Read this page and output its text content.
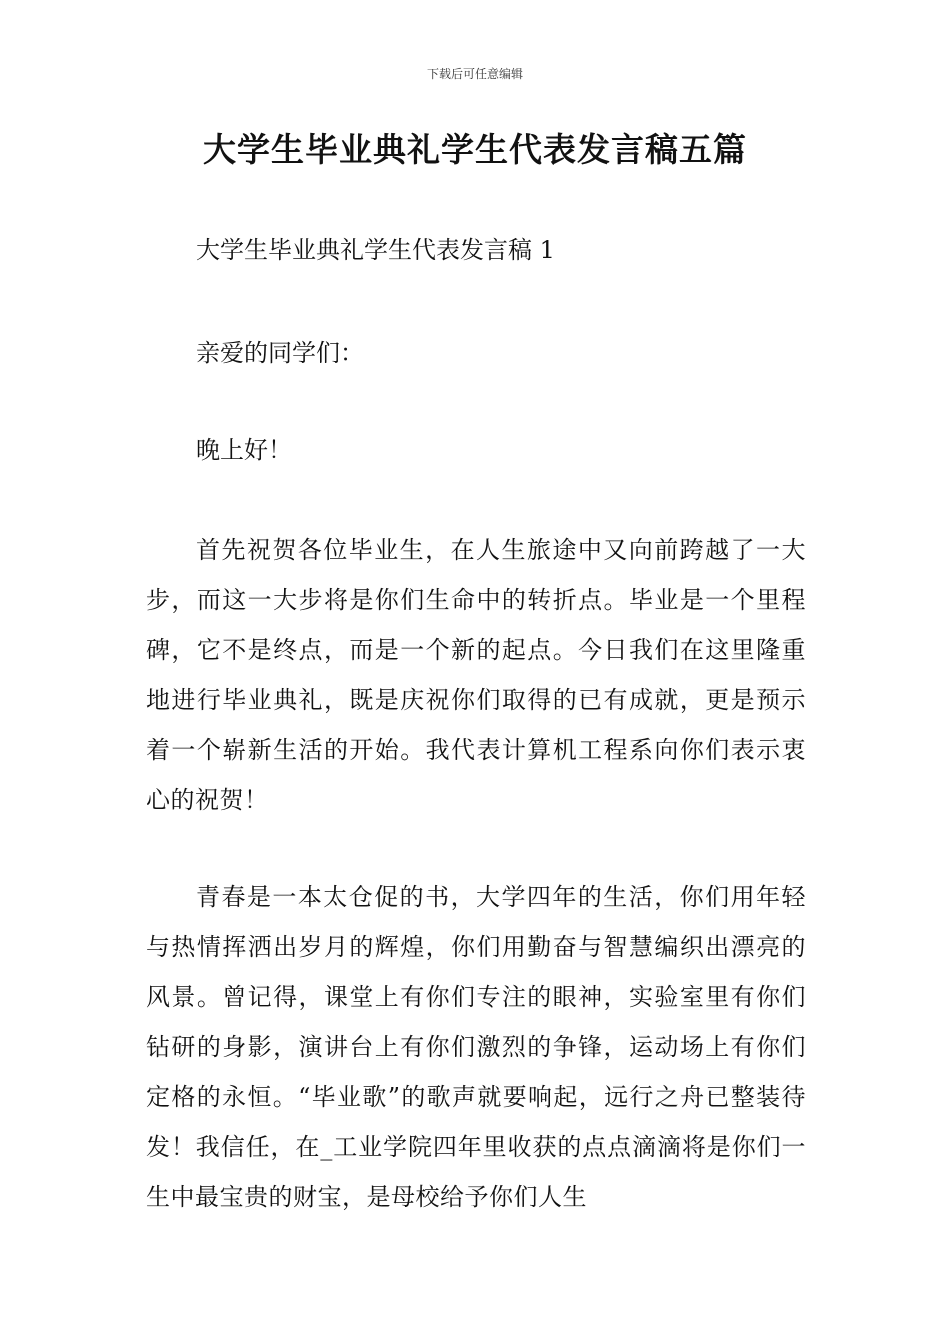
下载后可任意编辑
大学生毕业典礼学生代表发言稿五篇

大学生毕业典礼学生代表发言稿 1

亲爱的同学们：

晚上好！

首先祝贺各位毕业生，在人生旅途中又向前跨越了一大步，而这一大步将是你们生命中的转折点。毕业是一个里程碑，它不是终点，而是一个新的起点。今日我们在这里隆重地进行毕业典礼，既是庆祝你们取得的已有成就，更是预示着一个崭新生活的开始。我代表计算机工程系向你们表示衷心的祝贺！

青春是一本太仓促的书，大学四年的生活，你们用年轻与热情挥洒出岁月的辉煌，你们用勤奋与智慧编织出漂亮的风景。曾记得，课堂上有你们专注的眼神，实验室里有你们钻研的身影，演讲台上有你们激烈的争锋，运动场上有你们定格的永恒。“毕业歌”的歌声就要响起，远行之舟已整装待发！我信任，在_工业学院四年里收获的点点滴滴将是你们一生中最宝贵的财宝，是母校给予你们人生
